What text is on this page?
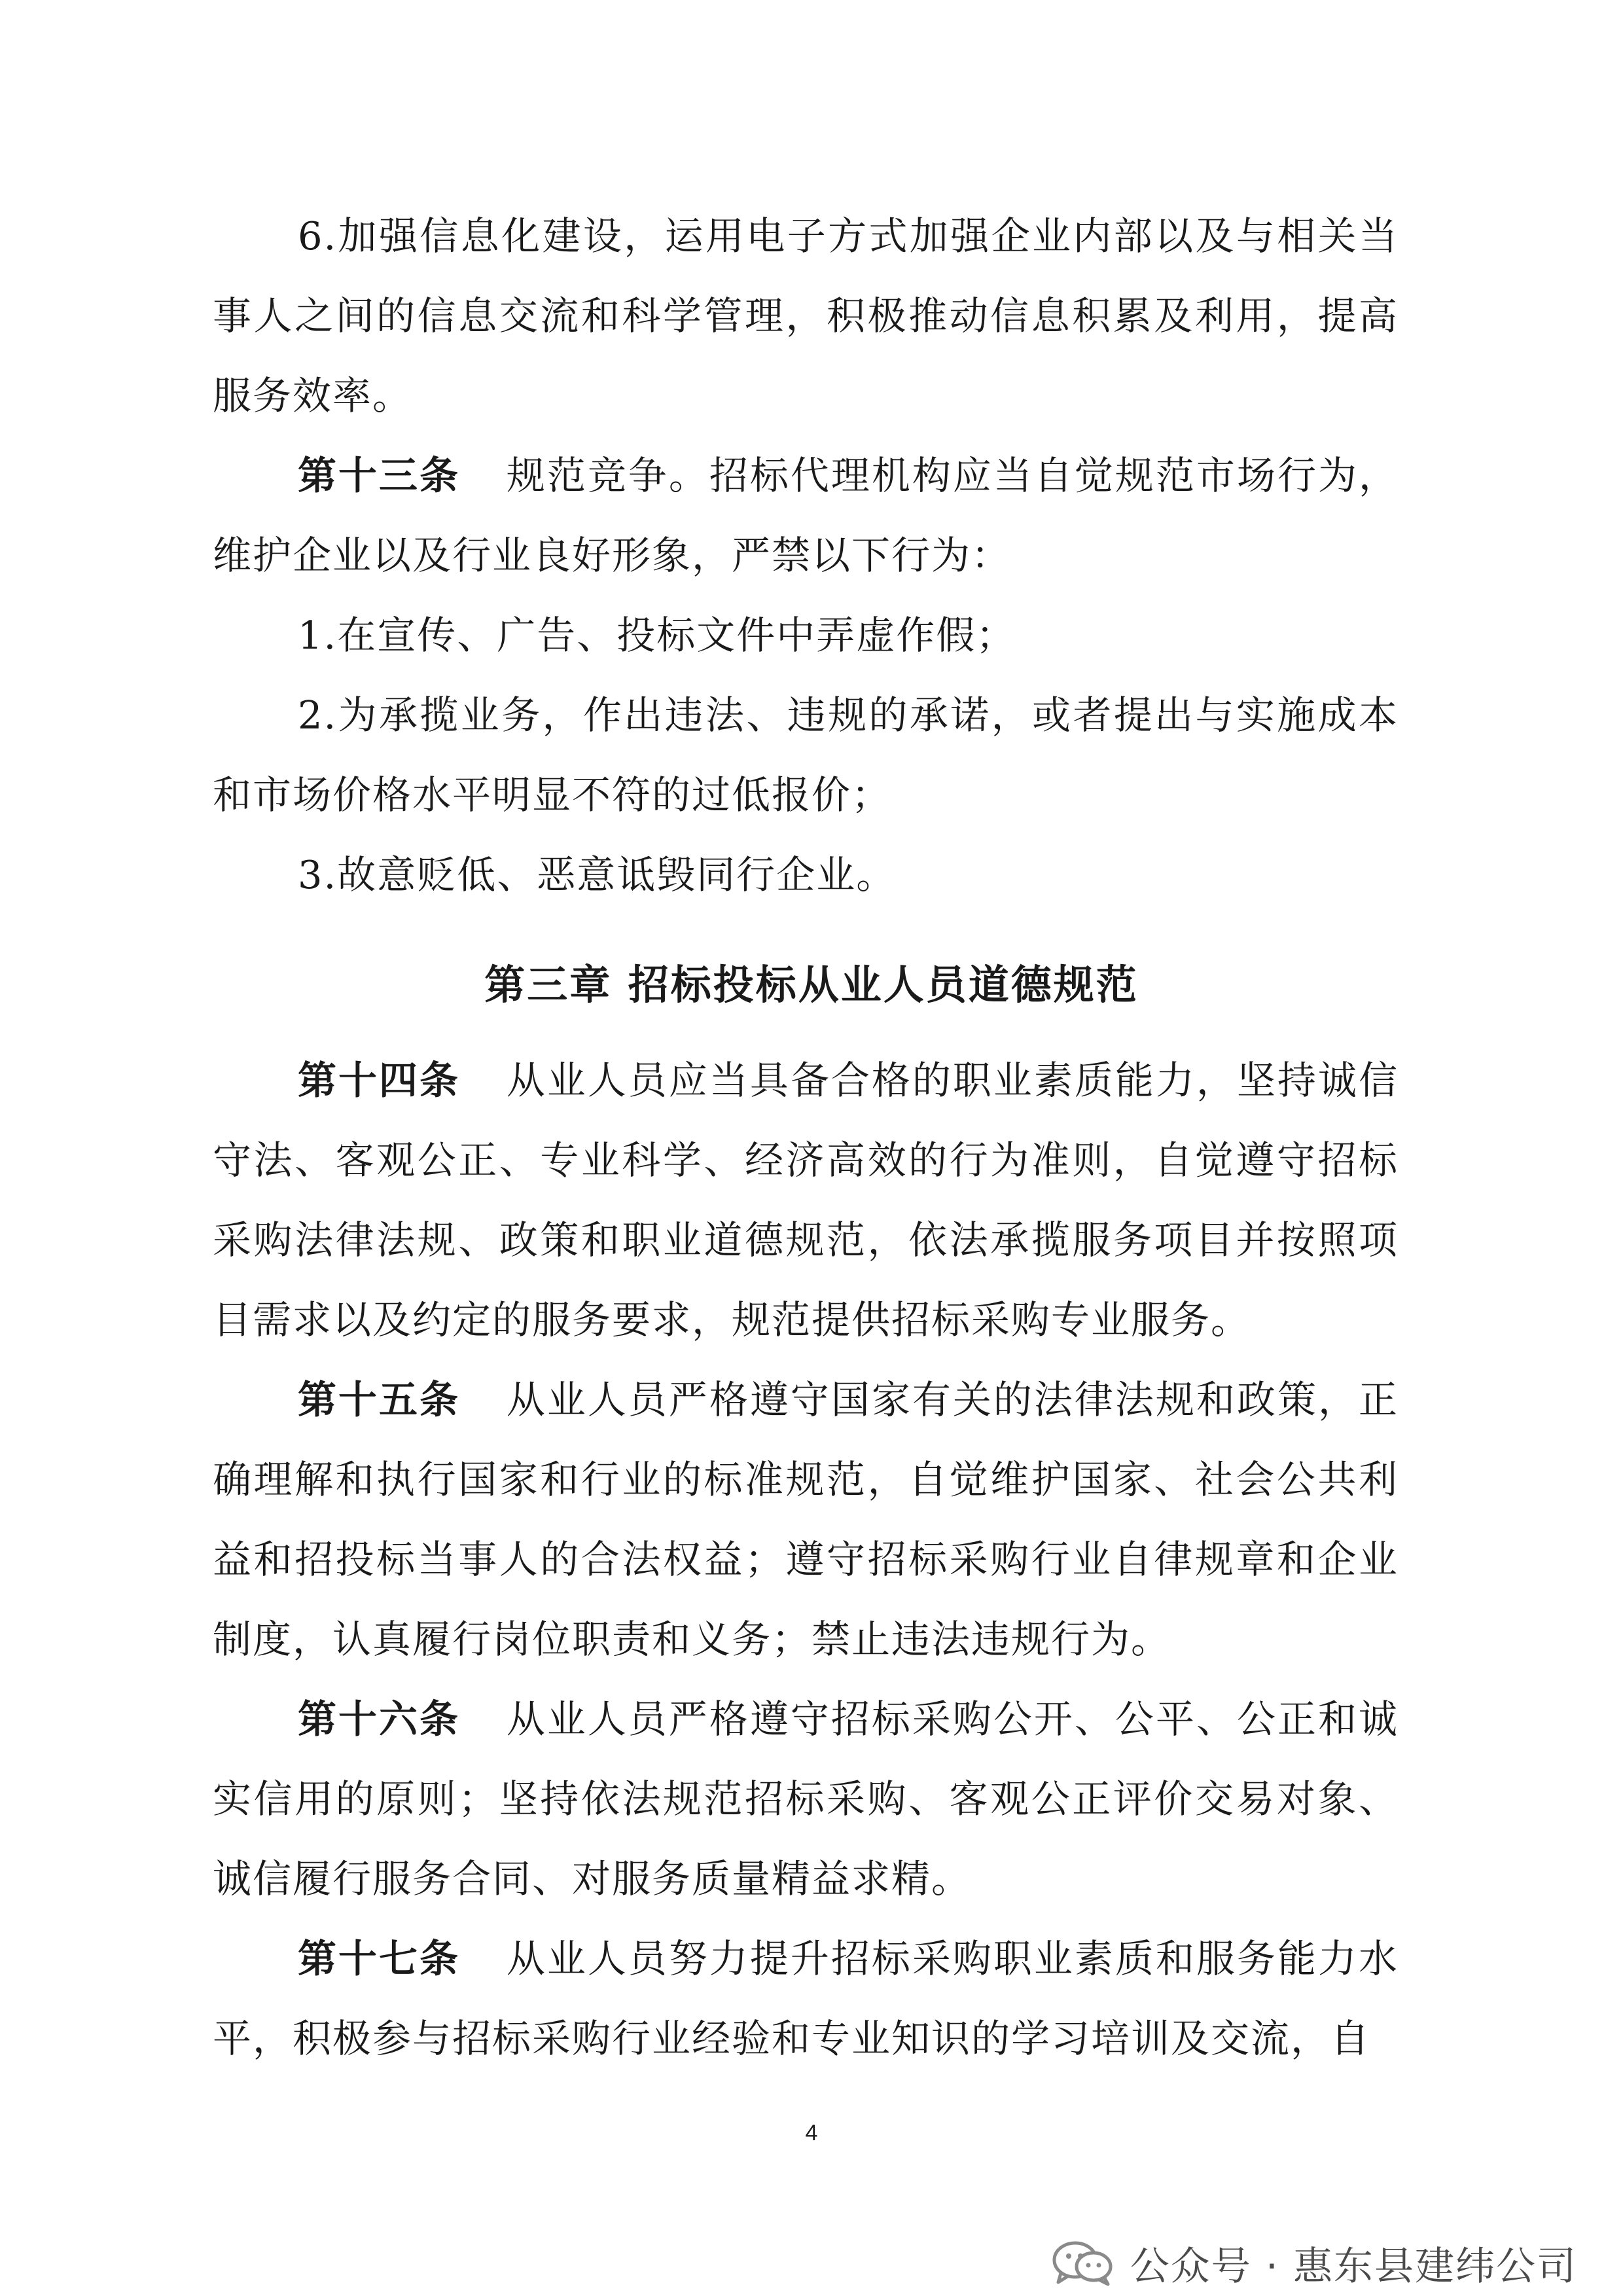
6.加强信息化建设，运用电子方式加强企业内部以及与相关当事人之间的信息交流和科学管理，积极推动信息积累及利用，提高服务效率。

第十三条 规范竞争。招标代理机构应当自觉规范市场行为，维护企业以及行业良好形象，严禁以下行为：

1.在宣传、广告、投标文件中弄虚作假；

2.为承揽业务，作出违法、违规的承诺，或者提出与实施成本和市场价格水平明显不符的过低报价；

3.故意贬低、恶意诋毁同行企业。

第三章 招标投标从业人员道德规范

第十四条 从业人员应当具备合格的职业素质能力，坚持诚信守法、客观公正、专业科学、经济高效的行为准则，自觉遵守招标采购法律法规、政策和职业道德规范，依法承揽服务项目并按照项目需求以及约定的服务要求，规范提供招标采购专业服务。

第十五条 从业人员严格遵守国家有关的法律法规和政策，正确理解和执行国家和行业的标准规范，自觉维护国家、社会公共利益和招投标当事人的合法权益；遵守招标采购行业自律规章和企业制度，认真履行岗位职责和义务；禁止违法违规行为。

第十六条 从业人员严格遵守招标采购公开、公平、公正和诚实信用的原则；坚持依法规范招标采购、客观公正评价交易对象、诚信履行服务合同、对服务质量精益求精。

第十七条 从业人员努力提升招标采购职业素质和服务能力水平，积极参与招标采购行业经验和专业知识的学习培训及交流，自

4
公众号 · 惠东县建纬公司
